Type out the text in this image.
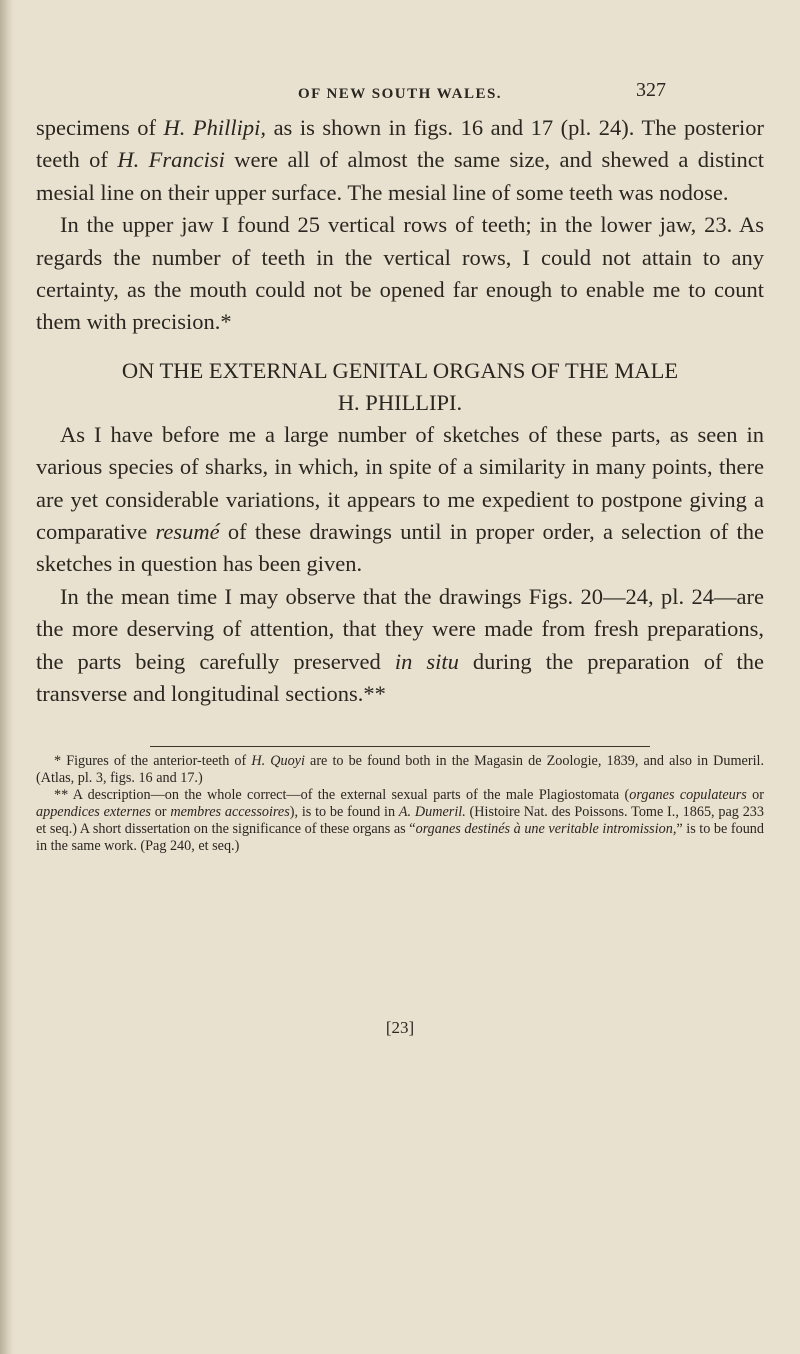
OF NEW SOUTH WALES.	327

specimens of H. Phillipi, as is shown in figs. 16 and 17 (pl. 24). The posterior teeth of H. Francisi were all of almost the same size, and shewed a distinct mesial line on their upper surface. The mesial line of some teeth was nodose.

In the upper jaw I found 25 vertical rows of teeth; in the lower jaw, 23. As regards the number of teeth in the vertical rows, I could not attain to any certainty, as the mouth could not be opened far enough to enable me to count them with precision.*

ON THE EXTERNAL GENITAL ORGANS OF THE MALE
H. PHILLIPI.

As I have before me a large number of sketches of these parts, as seen in various species of sharks, in which, in spite of a similarity in many points, there are yet considerable variations, it appears to me expedient to postpone giving a comparative resumé of these drawings until in proper order, a selection of the sketches in question has been given.

In the mean time I may observe that the drawings Figs. 20—24, pl. 24—are the more deserving of attention, that they were made from fresh preparations, the parts being carefully preserved in situ during the preparation of the transverse and longitudinal sections.**

* Figures of the anterior-teeth of H. Quoyi are to be found both in the Magasin de Zoologie, 1839, and also in Dumeril. (Atlas, pl. 3, figs. 16 and 17.)

** A description—on the whole correct—of the external sexual parts of the male Plagiostomata (organes copulateurs or appendices externes or membres accessoires), is to be found in A. Dumeril. (Histoire Nat. des Poissons. Tome I., 1865, pag 233 et seq.) A short dissertation on the significance of these organs as “organes destinés à une veritable intromission,” is to be found in the same work. (Pag 240, et seq.)

[23]
